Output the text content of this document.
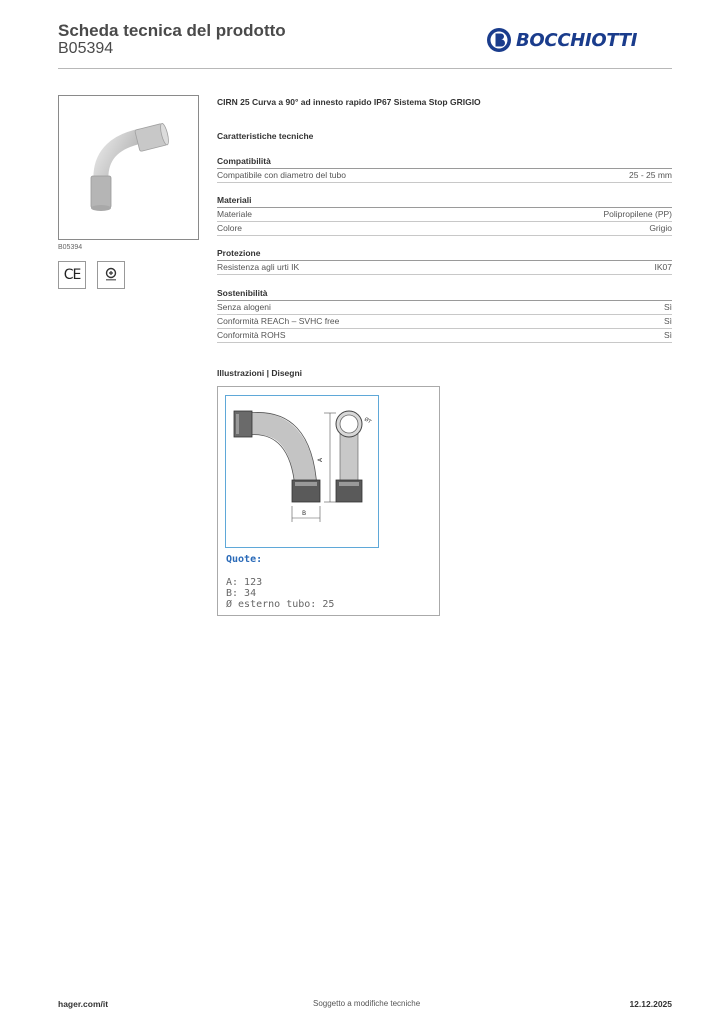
Scheda tecnica del prodotto
B05394	BOCCHIOTTI
B05394
CE
CIRN 25 Curva a 90° ad innesto rapido IP67 Sistema Stop GRIGIO
Caratteristiche tecniche
Compatibilità
Compatibile con diametro del tubo	25 - 25 mm
Materiali
Materiale	Polipropilene (PP)
Colore	Grigio
Protezione
Resistenza agli urti IK	IK07
Sostenibilità
Senza alogeni	Sì
Conformità REACh – SVHC free	Sì
Conformità ROHS	Sì
Illustrazioni | Disegni
A
B
ØT
Quote:
A: 123
B: 34
Ø esterno tubo: 25
hager.com/it	Soggetto a modifiche tecniche	12.12.2025
